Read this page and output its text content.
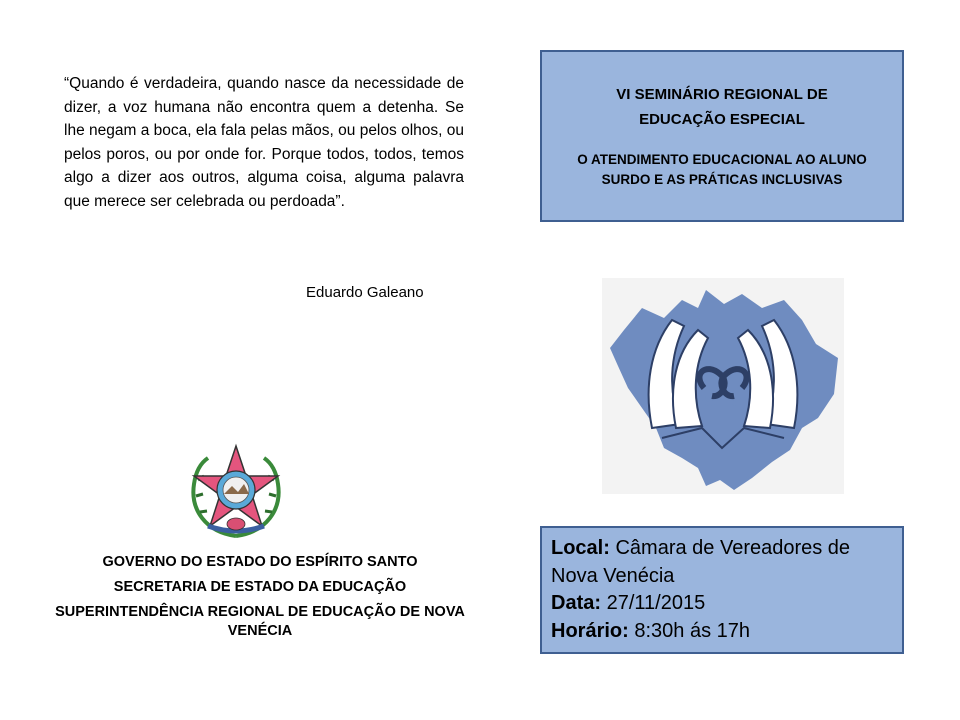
“Quando é verdadeira, quando nasce da necessidade de dizer, a voz humana não encontra quem a detenha. Se lhe negam a boca, ela fala pelas mãos, ou pelos olhos, ou pelos poros, ou por onde for. Porque todos, todos, temos algo a dizer aos outros, alguma coisa, alguma palavra que merece ser celebrada ou perdoada”.
Eduardo Galeano
GOVERNO DO ESTADO DO ESPÍRITO SANTO
SECRETARIA DE ESTADO DA EDUCAÇÃO
SUPERINTENDÊNCIA REGIONAL DE EDUCAÇÃO DE NOVA VENÉCIA
VI SEMINÁRIO REGIONAL DE
EDUCAÇÃO ESPECIAL
O ATENDIMENTO EDUCACIONAL AO ALUNO
SURDO E AS PRÁTICAS INCLUSIVAS
Local: Câmara de Vereadores de Nova Venécia
Data: 27/11/2015
Horário: 8:30h ás 17h
